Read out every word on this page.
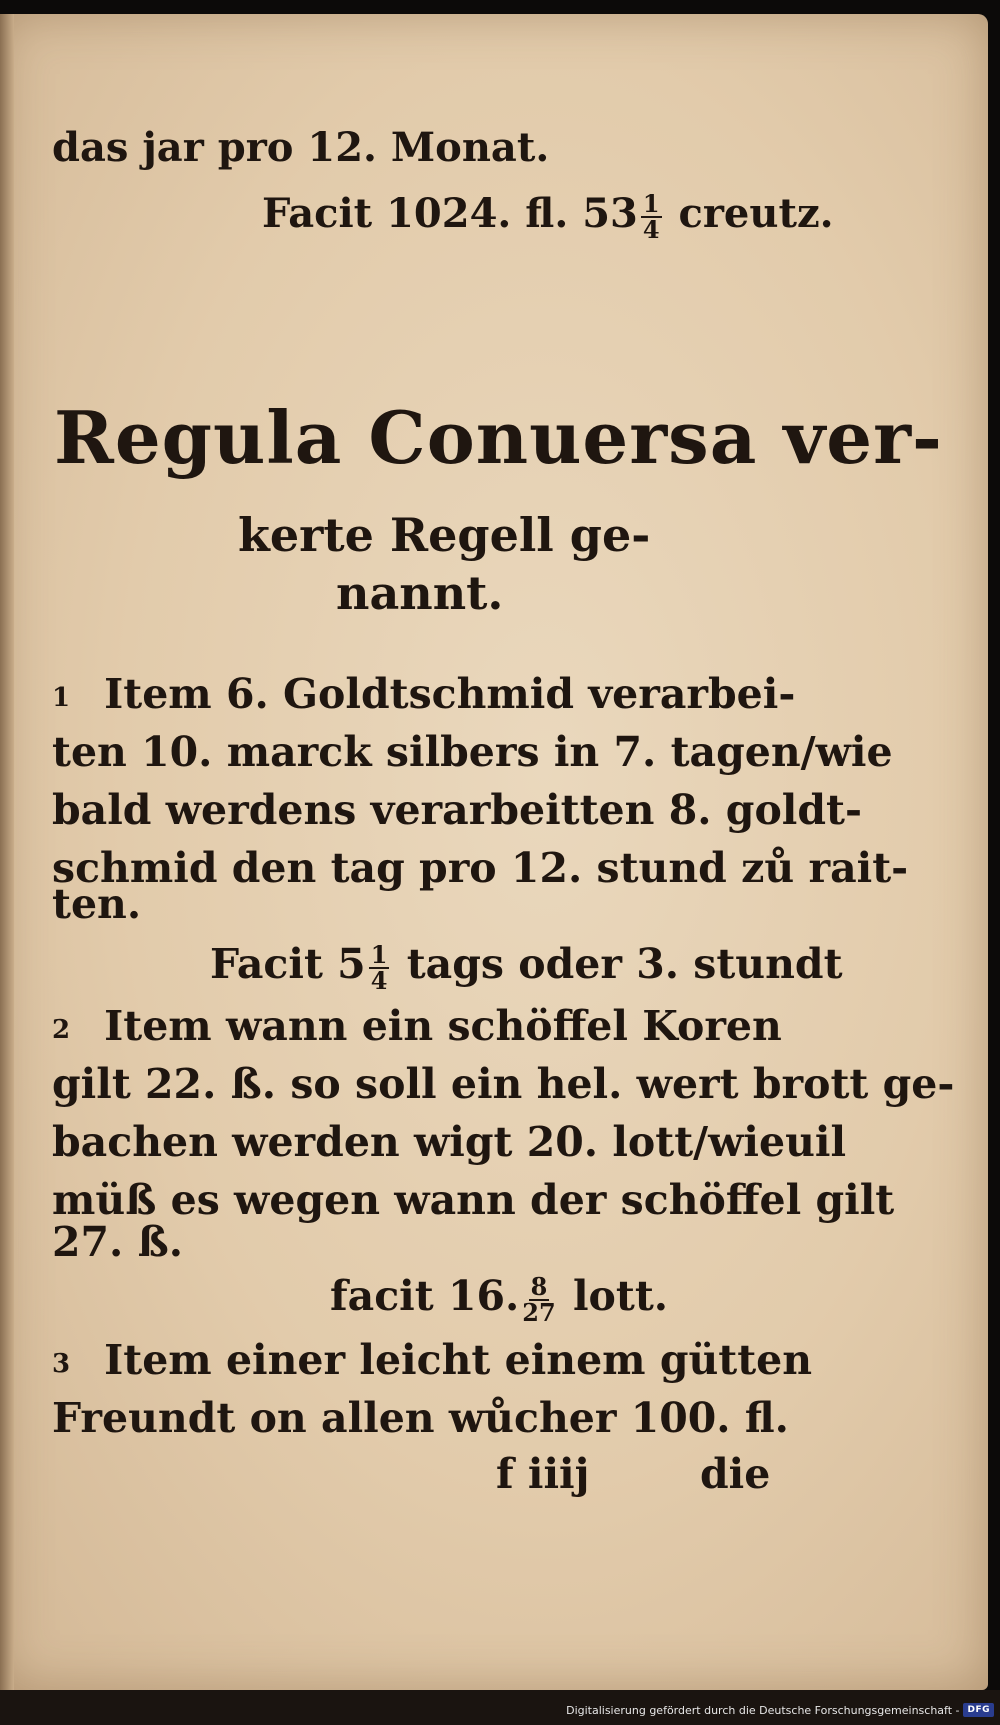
das jar pro 12. Monat.
Facit 1024. fl. $53 \frac{1}{4}$ creutz.
Regula Conuersa ver-
kerte Regell ge-
nannt.
1 Item 6. Goldtschmid verarbei-
ten 10. marck silbers in 7. tagen/wie
bald werdens verarbeitten 8. goldt-
schmid den tag pro 12. stund zů rait-
ten.
Facit $5 \frac{1}{4}$ tags oder 3. stundt
2 Item wann ein schöffel Koren
gilt 22. ß. so soll ein hel. wert brott ge-
bachen werden wigt 20. lott/wieuil
müß es wegen wann der schöffel gilt
27. ß.
facit 16. $\frac{8}{27}$ lott.
3 Item einer leicht einem gütten
Freundt on allen wůcher 100. fl.
f iiij	die
Digitalisierung gefördert durch die Deutsche Forschungsgemeinschaft - DFG
